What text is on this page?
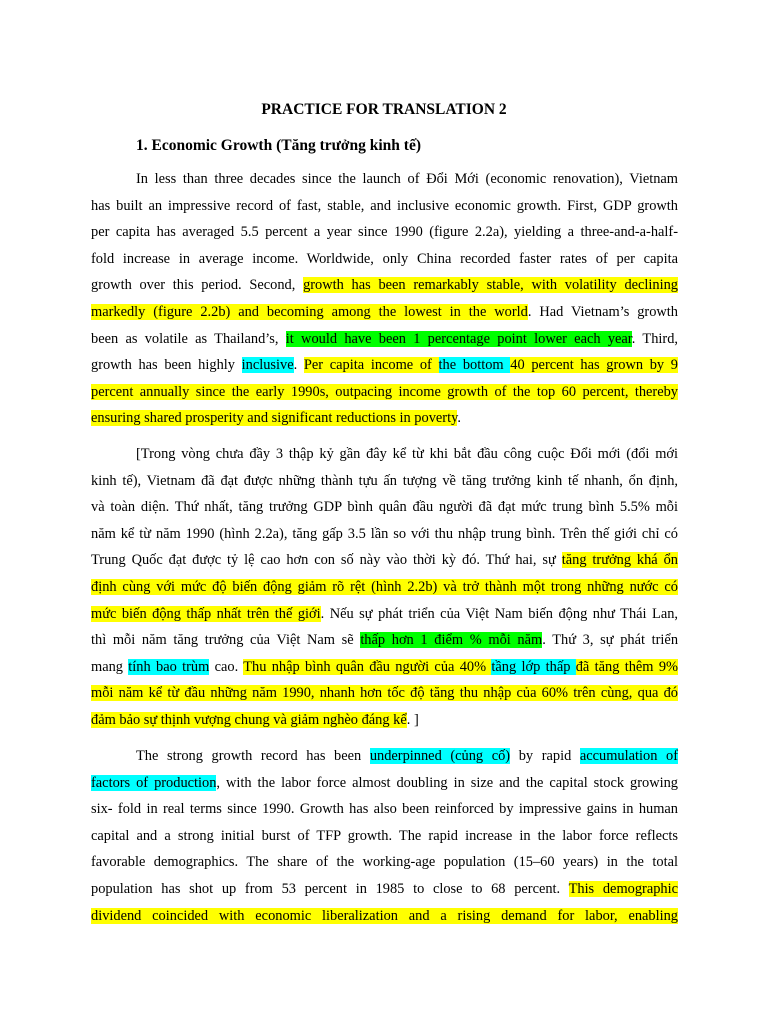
PRACTICE FOR TRANSLATION 2
1. Economic Growth (Tăng trưởng kinh tế)
In less than three decades since the launch of Đổi Mới (economic renovation), Vietnam
has built an impressive record of fast, stable, and inclusive economic growth. First, GDP growth
per capita has averaged 5.5 percent a year since 1990 (figure 2.2a), yielding a three-and-a-half-
fold increase in average income. Worldwide, only China recorded faster rates of per capita
growth over this period. Second, growth has been remarkably stable, with volatility declining
markedly (figure 2.2b) and becoming among the lowest in the world. Had Vietnam’s growth
been as volatile as Thailand’s, it would have been 1 percentage point lower each year. Third,
growth has been highly inclusive. Per capita income of the bottom 40 percent has grown by 9
percent annually since the early 1990s, outpacing income growth of the top 60 percent, thereby
ensuring shared prosperity and significant reductions in poverty.
[Trong vòng chưa đầy 3 thập kỷ gần đây kể từ khi bắt đầu công cuộc Đổi mới (đổi mới
kinh tế), Vietnam đã đạt được những thành tựu ấn tượng về tăng trưởng kinh tế nhanh, ổn định,
và toàn diện. Thứ nhất, tăng trưởng GDP bình quân đầu người đã đạt mức trung bình 5.5% mỗi
năm kể từ năm 1990 (hình 2.2a), tăng gấp 3.5 lần so với thu nhập trung bình. Trên thế giới chỉ có
Trung Quốc đạt được tỷ lệ cao hơn con số này vào thời kỳ đó. Thứ hai, sự tăng trưởng khá ổn
định cùng với mức độ biến động giảm rõ rệt (hình 2.2b) và trở thành một trong những nước có
mức biến động thấp nhất trên thế giới. Nếu sự phát triển của Việt Nam biến động như Thái Lan,
thì mỗi năm tăng trưởng của Việt Nam sẽ thấp hơn 1 điểm % mỗi năm. Thứ 3, sự phát triển
mang tính bao trùm cao. Thu nhập bình quân đầu người của 40% tầng lớp thấp đã tăng thêm 9%
mỗi năm kể từ đầu những năm 1990, nhanh hơn tốc độ tăng thu nhập của 60% trên cùng, qua đó
đảm bảo sự thịnh vượng chung và giảm nghèo đáng kể. ]
The strong growth record has been underpinned (củng cố) by rapid accumulation of
factors of production, with the labor force almost doubling in size and the capital stock growing
six- fold in real terms since 1990. Growth has also been reinforced by impressive gains in human
capital and a strong initial burst of TFP growth. The rapid increase in the labor force reflects
favorable demographics. The share of the working-age population (15–60 years) in the total
population has shot up from 53 percent in 1985 to close to 68 percent. This demographic
dividend coincided with economic liberalization and a rising demand for labor, enabling
